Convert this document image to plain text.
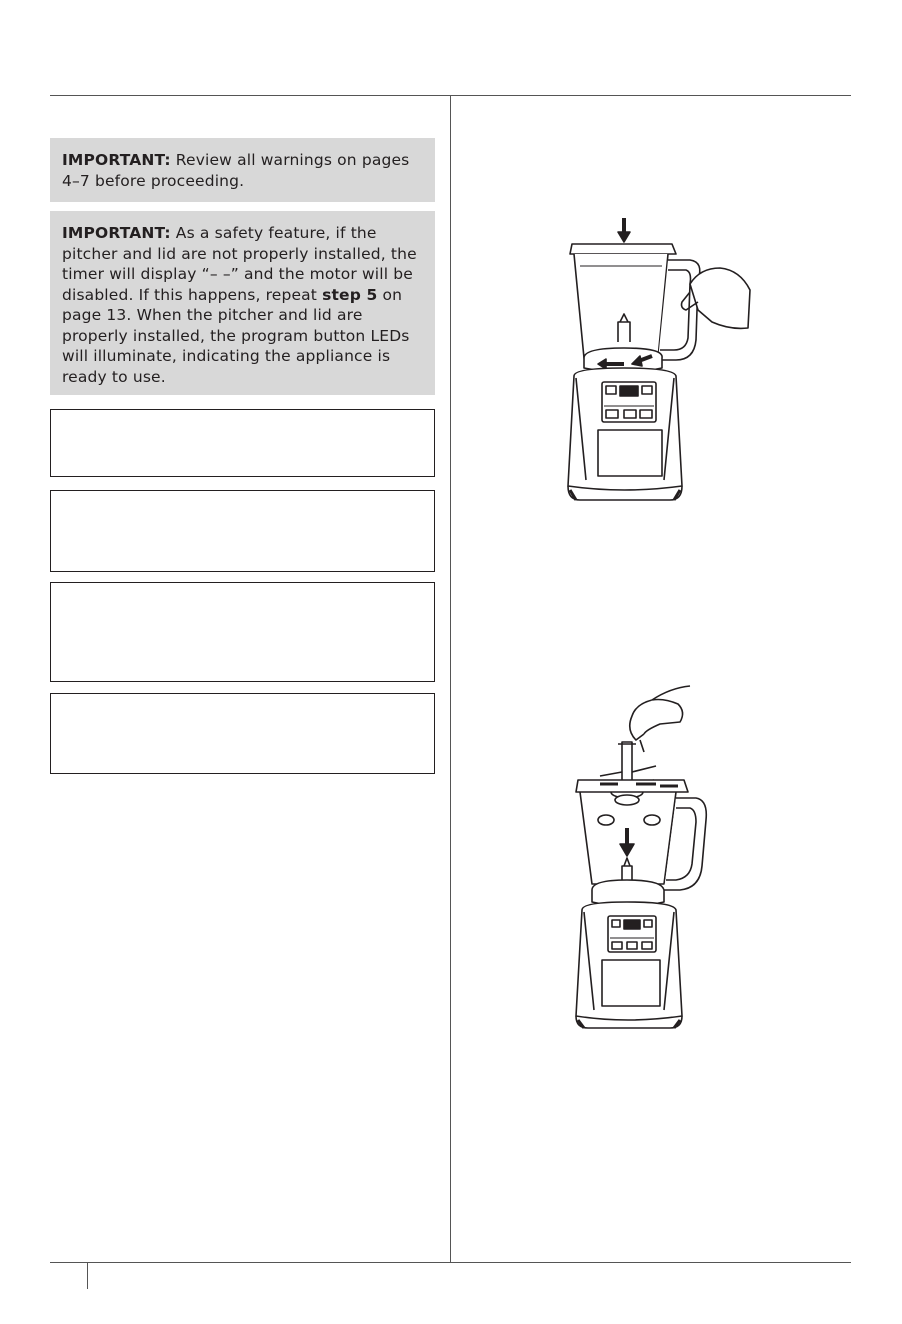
IMPORTANT: Review all warnings on pages 4–7 before proceeding.
IMPORTANT: As a safety feature, if the pitcher and lid are not properly installed, the timer will display “– –” and the motor will be disabled. If this happens, repeat step 5 on page 13. When the pitcher and lid are properly installed, the program button LEDs will illuminate, indicating the appliance is ready to use.
